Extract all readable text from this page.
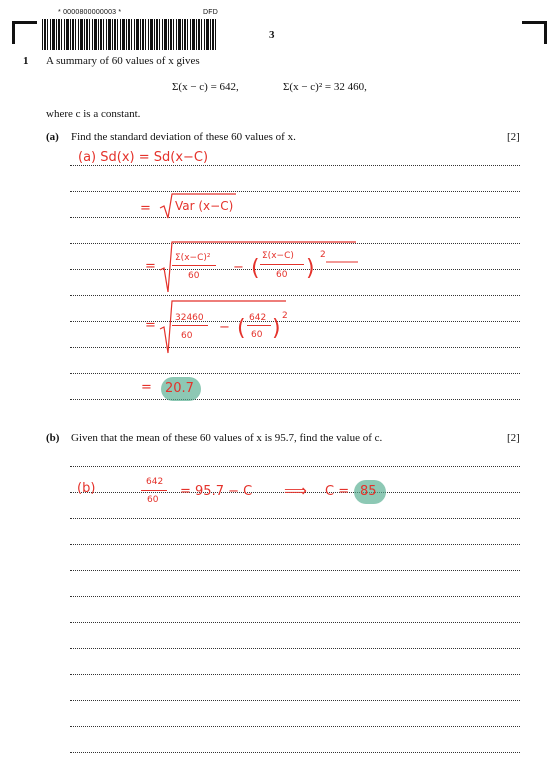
* 0000800000003 *	DFD
3
1 A summary of 60 values of x gives
Σ(x − c) = 642,	Σ(x − c)² = 32 460,
where c is a constant.
(a) Find the standard deviation of these 60 values of x.	[2]
(a) Sd(x) = Sd(x−C)
= Var (x−C)
=
Σ(x−C)²
60
− ( Σ(x−C)
60 )
2
= 32460
60
− ( 642
60 ) 2
= 20.7
(b) Given that the mean of these 60 values of x is 95.7, find the value of c.	[2]
(b)	642
60
= 95.7 − C ⟹ C = 85
